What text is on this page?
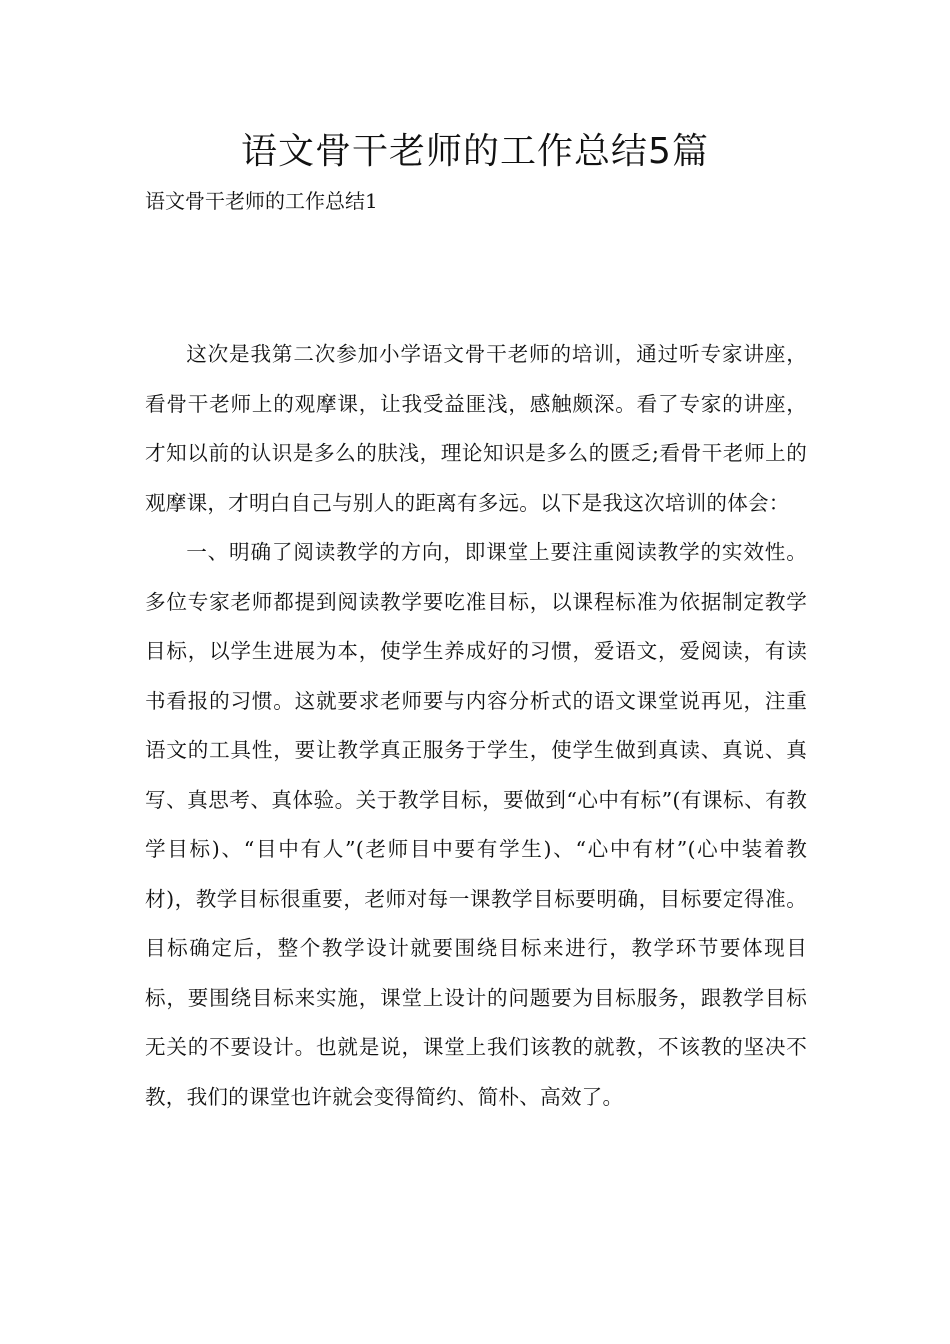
语文骨干老师的工作总结5篇
语文骨干老师的工作总结1

这次是我第二次参加小学语文骨干老师的培训，通过听专家讲座，看骨干老师上的观摩课，让我受益匪浅，感触颇深。看了专家的讲座，才知以前的认识是多么的肤浅，理论知识是多么的匮乏;看骨干老师上的观摩课，才明白自己与别人的距离有多远。以下是我这次培训的体会：

一、明确了阅读教学的方向，即课堂上要注重阅读教学的实效性。多位专家老师都提到阅读教学要吃准目标，以课程标准为依据制定教学目标，以学生进展为本，使学生养成好的习惯，爱语文，爱阅读，有读书看报的习惯。这就要求老师要与内容分析式的语文课堂说再见，注重语文的工具性，要让教学真正服务于学生，使学生做到真读、真说、真写、真思考、真体验。关于教学目标，要做到“心中有标”(有课标、有教学目标)、“目中有人”(老师目中要有学生)、“心中有材”(心中装着教材)，教学目标很重要，老师对每一课教学目标要明确，目标要定得准。目标确定后，整个教学设计就要围绕目标来进行，教学环节要体现目标，要围绕目标来实施，课堂上设计的问题要为目标服务，跟教学目标无关的不要设计。也就是说，课堂上我们该教的就教，不该教的坚决不教，我们的课堂也许就会变得简约、简朴、高效了。
